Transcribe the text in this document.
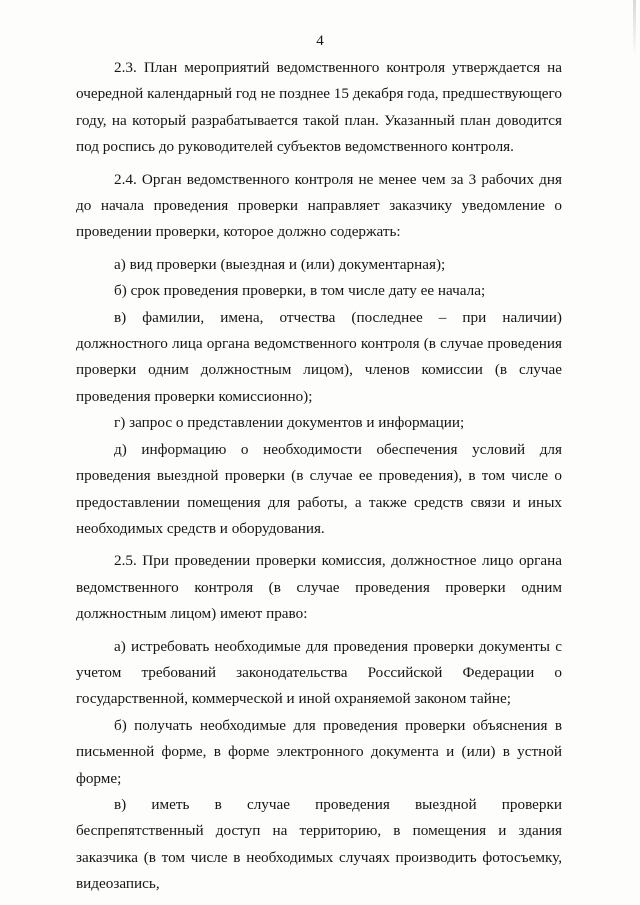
4

2.3. План мероприятий ведомственного контроля утверждается на очередной календарный год не позднее 15 декабря года, предшествующего году, на который разрабатывается такой план. Указанный план доводится под роспись до руководителей субъектов ведомственного контроля.

2.4. Орган ведомственного контроля не менее чем за 3 рабочих дня до начала проведения проверки направляет заказчику уведомление о проведении проверки, которое должно содержать:

а) вид проверки (выездная и (или) документарная);

б) срок проведения проверки, в том числе дату ее начала;

в) фамилии, имена, отчества (последнее – при наличии) должностного лица органа ведомственного контроля (в случае проведения проверки одним должностным лицом), членов комиссии (в случае проведения проверки комиссионно);

г) запрос о представлении документов и информации;

д) информацию о необходимости обеспечения условий для проведения выездной проверки (в случае ее проведения), в том числе о предоставлении помещения для работы, а также средств связи и иных необходимых средств и оборудования.

2.5. При проведении проверки комиссия, должностное лицо органа ведомственного контроля (в случае проведения проверки одним должностным лицом) имеют право:

а) истребовать необходимые для проведения проверки документы с учетом требований законодательства Российской Федерации о государственной, коммерческой и иной охраняемой законом тайне;

б) получать необходимые для проведения проверки объяснения в письменной форме, в форме электронного документа и (или) в устной форме;

в) иметь в случае проведения выездной проверки беспрепятственный доступ на территорию, в помещения и здания заказчика (в том числе в необходимых случаях производить фотосъемку, видеозапись,
